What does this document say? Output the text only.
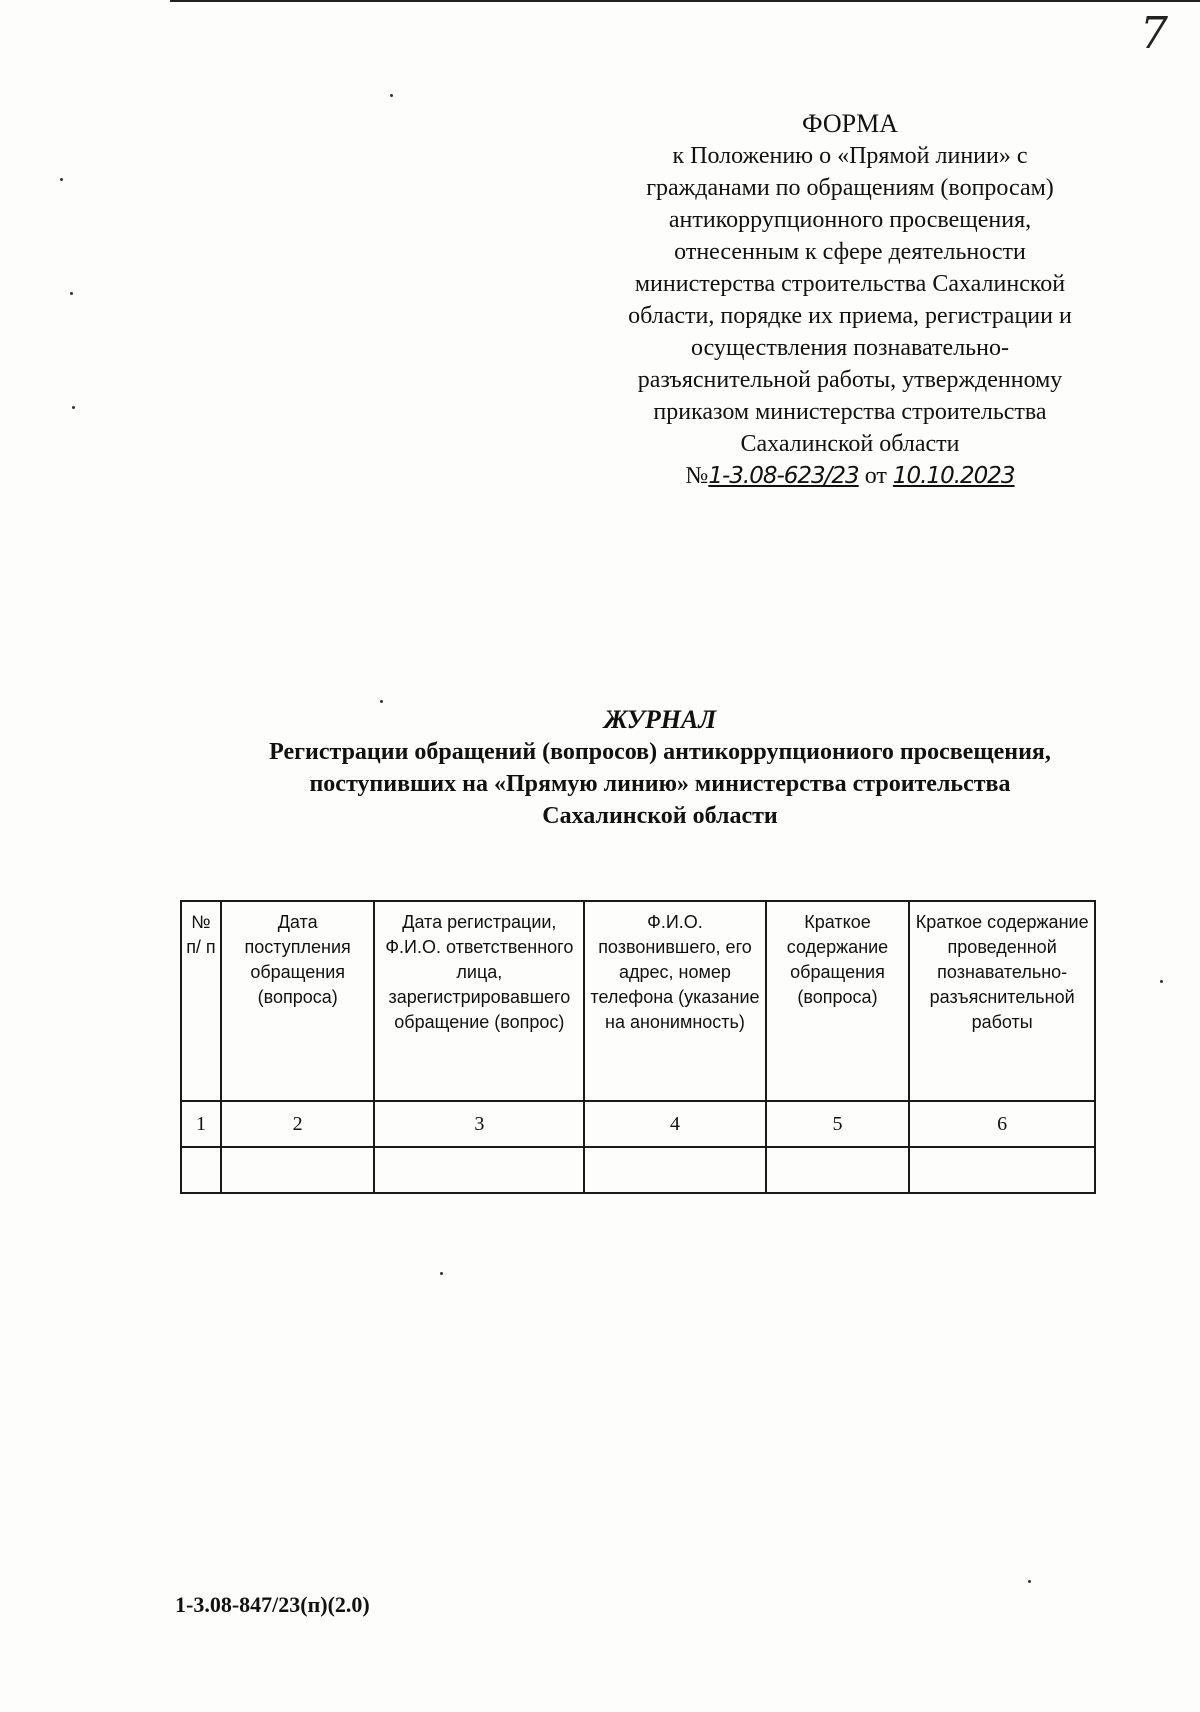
7
ФОРМА
к Положению о «Прямой линии» с
гражданами по обращениям (вопросам)
антикоррупционного просвещения,
отнесенным к сфере деятельности
министерства строительства Сахалинской
области, порядке их приема, регистрации и
осуществления познавательно-
разъяснительной работы, утвержденному
приказом министерства строительства
Сахалинской области
№1-3.08-623/23 от 10.10.2023
ЖУРНАЛ
Регистрации обращений (вопросов) антикоррупциониого просвещения,
поступивших на «Прямую линию» министерства строительства
Сахалинской области
№ п/ п	Дата поступления обращения (вопроса)	Дата регистрации, Ф.И.О. ответственного лица, зарегистрировавшего обращение (вопрос)	Ф.И.О. позвонившего, его адрес, номер телефона (указание на анонимность)	Краткое содержание обращения (вопроса)	Краткое содержание проведенной познавательно-разъяснительной работы
1	2	3	4	5	6

1-3.08-847/23(п)(2.0)
